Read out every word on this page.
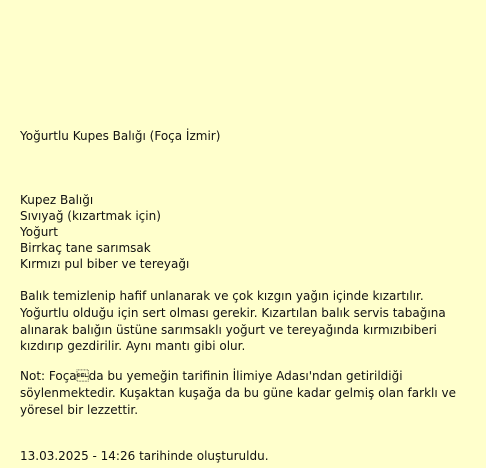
Yoğurtlu Kupes Balığı (Foça İzmir)
Kupez Balığı
Sıvıyağ (kızartmak için)
Yoğurt
Birrkaç tane sarımsak
Kırmızı pul biber ve tereyağı

Balık temizlenip hafif unlanarak ve çok kızgın yağın içinde kızartılır. Yoğurtlu olduğu için sert olması gerekir. Kızartılan balık servis tabağına alınarak balığın üstüne sarımsaklı yoğurt ve tereyağında kırmızıbiberi kızdırıp gezdirilir. Aynı mantı gibi olur.

Not: Foçada bu yemeğin tarifinin İlimiye Adası'ndan getirildiği söylenmektedir. Kuşaktan kuşağa da bu güne kadar gelmiş olan farklı ve yöresel bir lezzettir.

13.03.2025 - 14:26 tarihinde oluşturuldu.
